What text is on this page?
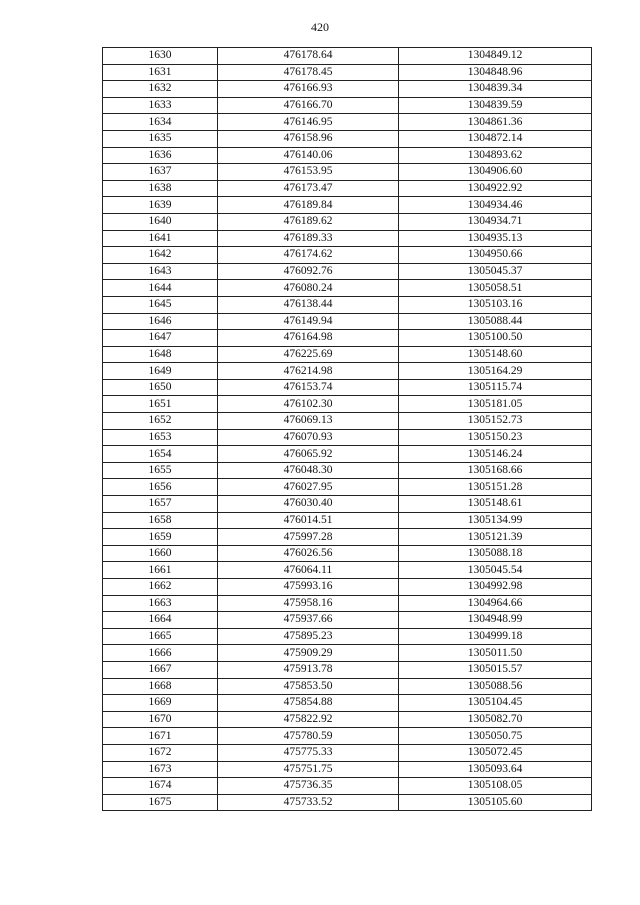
420
1630	476178.64	1304849.12
1631	476178.45	1304848.96
1632	476166.93	1304839.34
1633	476166.70	1304839.59
1634	476146.95	1304861.36
1635	476158.96	1304872.14
1636	476140.06	1304893.62
1637	476153.95	1304906.60
1638	476173.47	1304922.92
1639	476189.84	1304934.46
1640	476189.62	1304934.71
1641	476189.33	1304935.13
1642	476174.62	1304950.66
1643	476092.76	1305045.37
1644	476080.24	1305058.51
1645	476138.44	1305103.16
1646	476149.94	1305088.44
1647	476164.98	1305100.50
1648	476225.69	1305148.60
1649	476214.98	1305164.29
1650	476153.74	1305115.74
1651	476102.30	1305181.05
1652	476069.13	1305152.73
1653	476070.93	1305150.23
1654	476065.92	1305146.24
1655	476048.30	1305168.66
1656	476027.95	1305151.28
1657	476030.40	1305148.61
1658	476014.51	1305134.99
1659	475997.28	1305121.39
1660	476026.56	1305088.18
1661	476064.11	1305045.54
1662	475993.16	1304992.98
1663	475958.16	1304964.66
1664	475937.66	1304948.99
1665	475895.23	1304999.18
1666	475909.29	1305011.50
1667	475913.78	1305015.57
1668	475853.50	1305088.56
1669	475854.88	1305104.45
1670	475822.92	1305082.70
1671	475780.59	1305050.75
1672	475775.33	1305072.45
1673	475751.75	1305093.64
1674	475736.35	1305108.05
1675	475733.52	1305105.60
